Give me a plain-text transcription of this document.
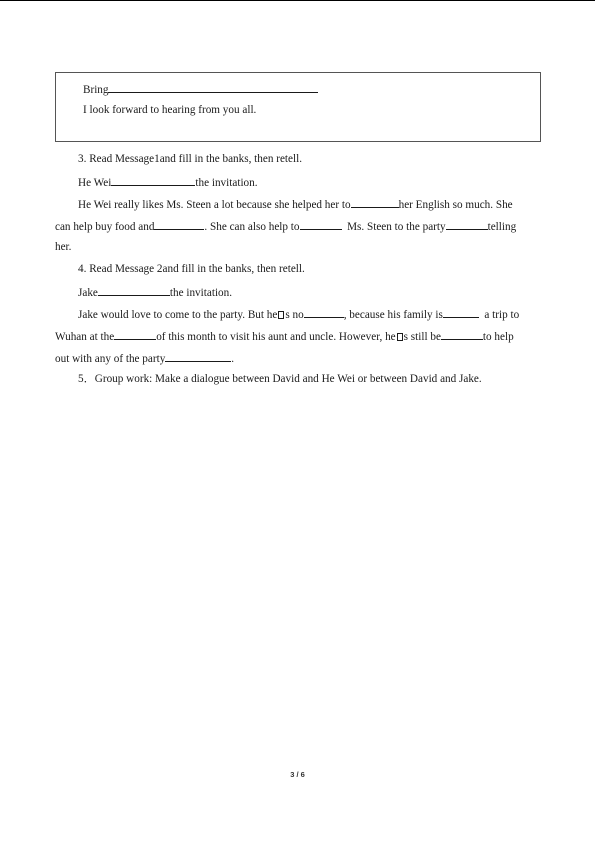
Bring
I look forward to hearing from you all.
3. Read Message1and fill in the banks, then retell.
He Wei	the invitation.
He Wei really likes Ms. Steen a lot because she helped her to	her English so much. She
can help buy food and	. She can also help to	Ms. Steen to the party	telling
her.
4. Read Message 2and fill in the banks, then retell.
Jake	the invitation.
Jake would love to come to the party. But he s no	, because his family is	a trip to
Wuhan at the	of this month to visit his aunt and uncle. However, he s still be	to help
out with any of the party	.
5．Group work: Make a dialogue between David and He Wei or between David and Jake.
3 / 6
